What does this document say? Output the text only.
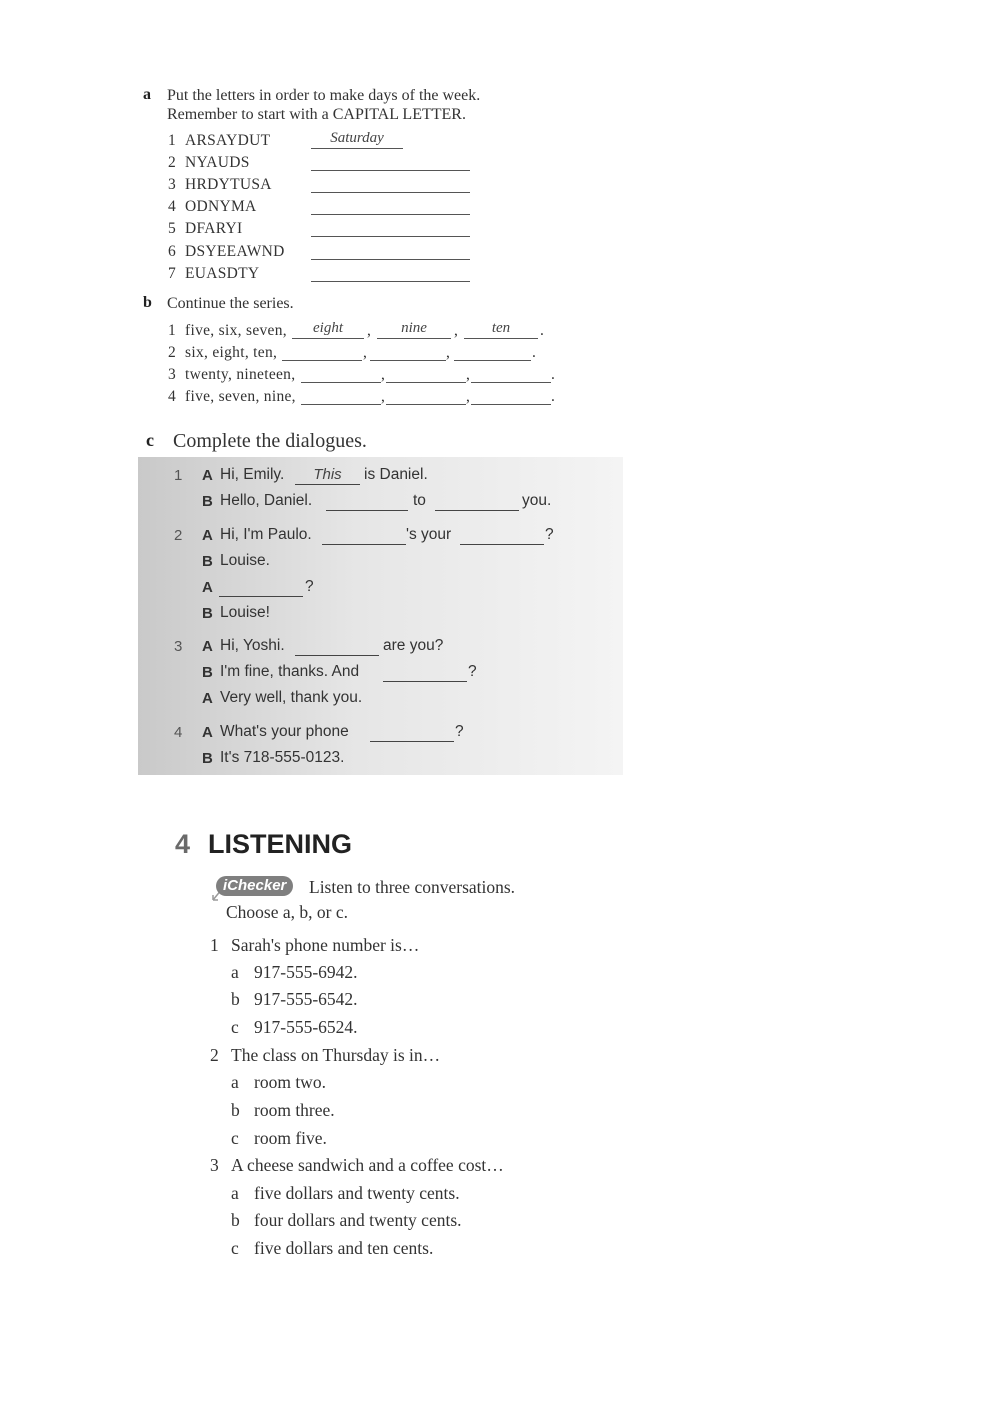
a Put the letters in order to make days of the week.
Remember to start with a CAPITAL LETTER.
1 ARSAYDUT	Saturday
2 NYAUDS
3 HRDYTUSA
4 ODNYMA
5 DFARYI
6 DSYEEAWND
7 EUASDTY
b Continue the series.
1 five, six, seven,	eight	,	nine	,	ten	.
2 six, eight, ten,	,	,	.
3 twenty, nineteen,	,	,	.
4 five, seven, nine,	,	,	.
c Complete the dialogues.
1 A Hi, Emily.	This	is Daniel.
B Hello, Daniel.	to	you.
2 A Hi, I'm Paulo.	's your	?
B Louise.
A	?
B Louise!
3 A Hi, Yoshi.	are you?
B I'm fine, thanks. And	?
A Very well, thank you.
4 A What's your phone	?
B It's 718-555-0123.
4 LISTENING
iChecker	Listen to three conversations.
Choose a, b, or c.
1 Sarah's phone number is…
a 917-555-6942.
b 917-555-6542.
c 917-555-6524.
2 The class on Thursday is in…
a room two.
b room three.
c room five.
3 A cheese sandwich and a coffee cost…
a five dollars and twenty cents.
b four dollars and twenty cents.
c five dollars and ten cents.
